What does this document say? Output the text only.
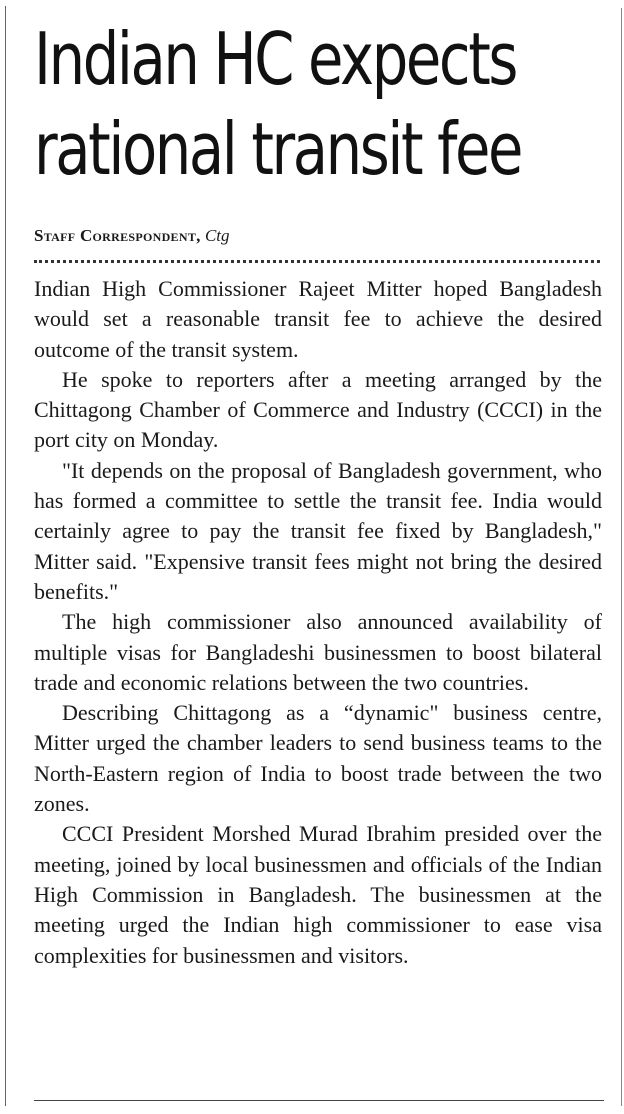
Indian HC expects
rational transit fee
Staff Correspondent, Ctg

Indian High Commissioner Rajeet Mitter hoped Bangladesh would set a reasonable transit fee to achieve the desired outcome of the transit system.

He spoke to reporters after a meeting arranged by the Chittagong Chamber of Commerce and Industry (CCCI) in the port city on Monday.

"It depends on the proposal of Bangladesh government, who has formed a committee to settle the transit fee. India would certainly agree to pay the transit fee fixed by Bangladesh," Mitter said. "Expensive transit fees might not bring the desired benefits."

The high commissioner also announced availability of multiple visas for Bangladeshi businessmen to boost bilateral trade and economic relations between the two countries.

Describing Chittagong as a “dynamic" business centre, Mitter urged the chamber leaders to send business teams to the North-Eastern region of India to boost trade between the two zones.

CCCI President Morshed Murad Ibrahim presided over the meeting, joined by local businessmen and officials of the Indian High Commission in Bangladesh. The businessmen at the meeting urged the Indian high commissioner to ease visa complexities for businessmen and visitors.
